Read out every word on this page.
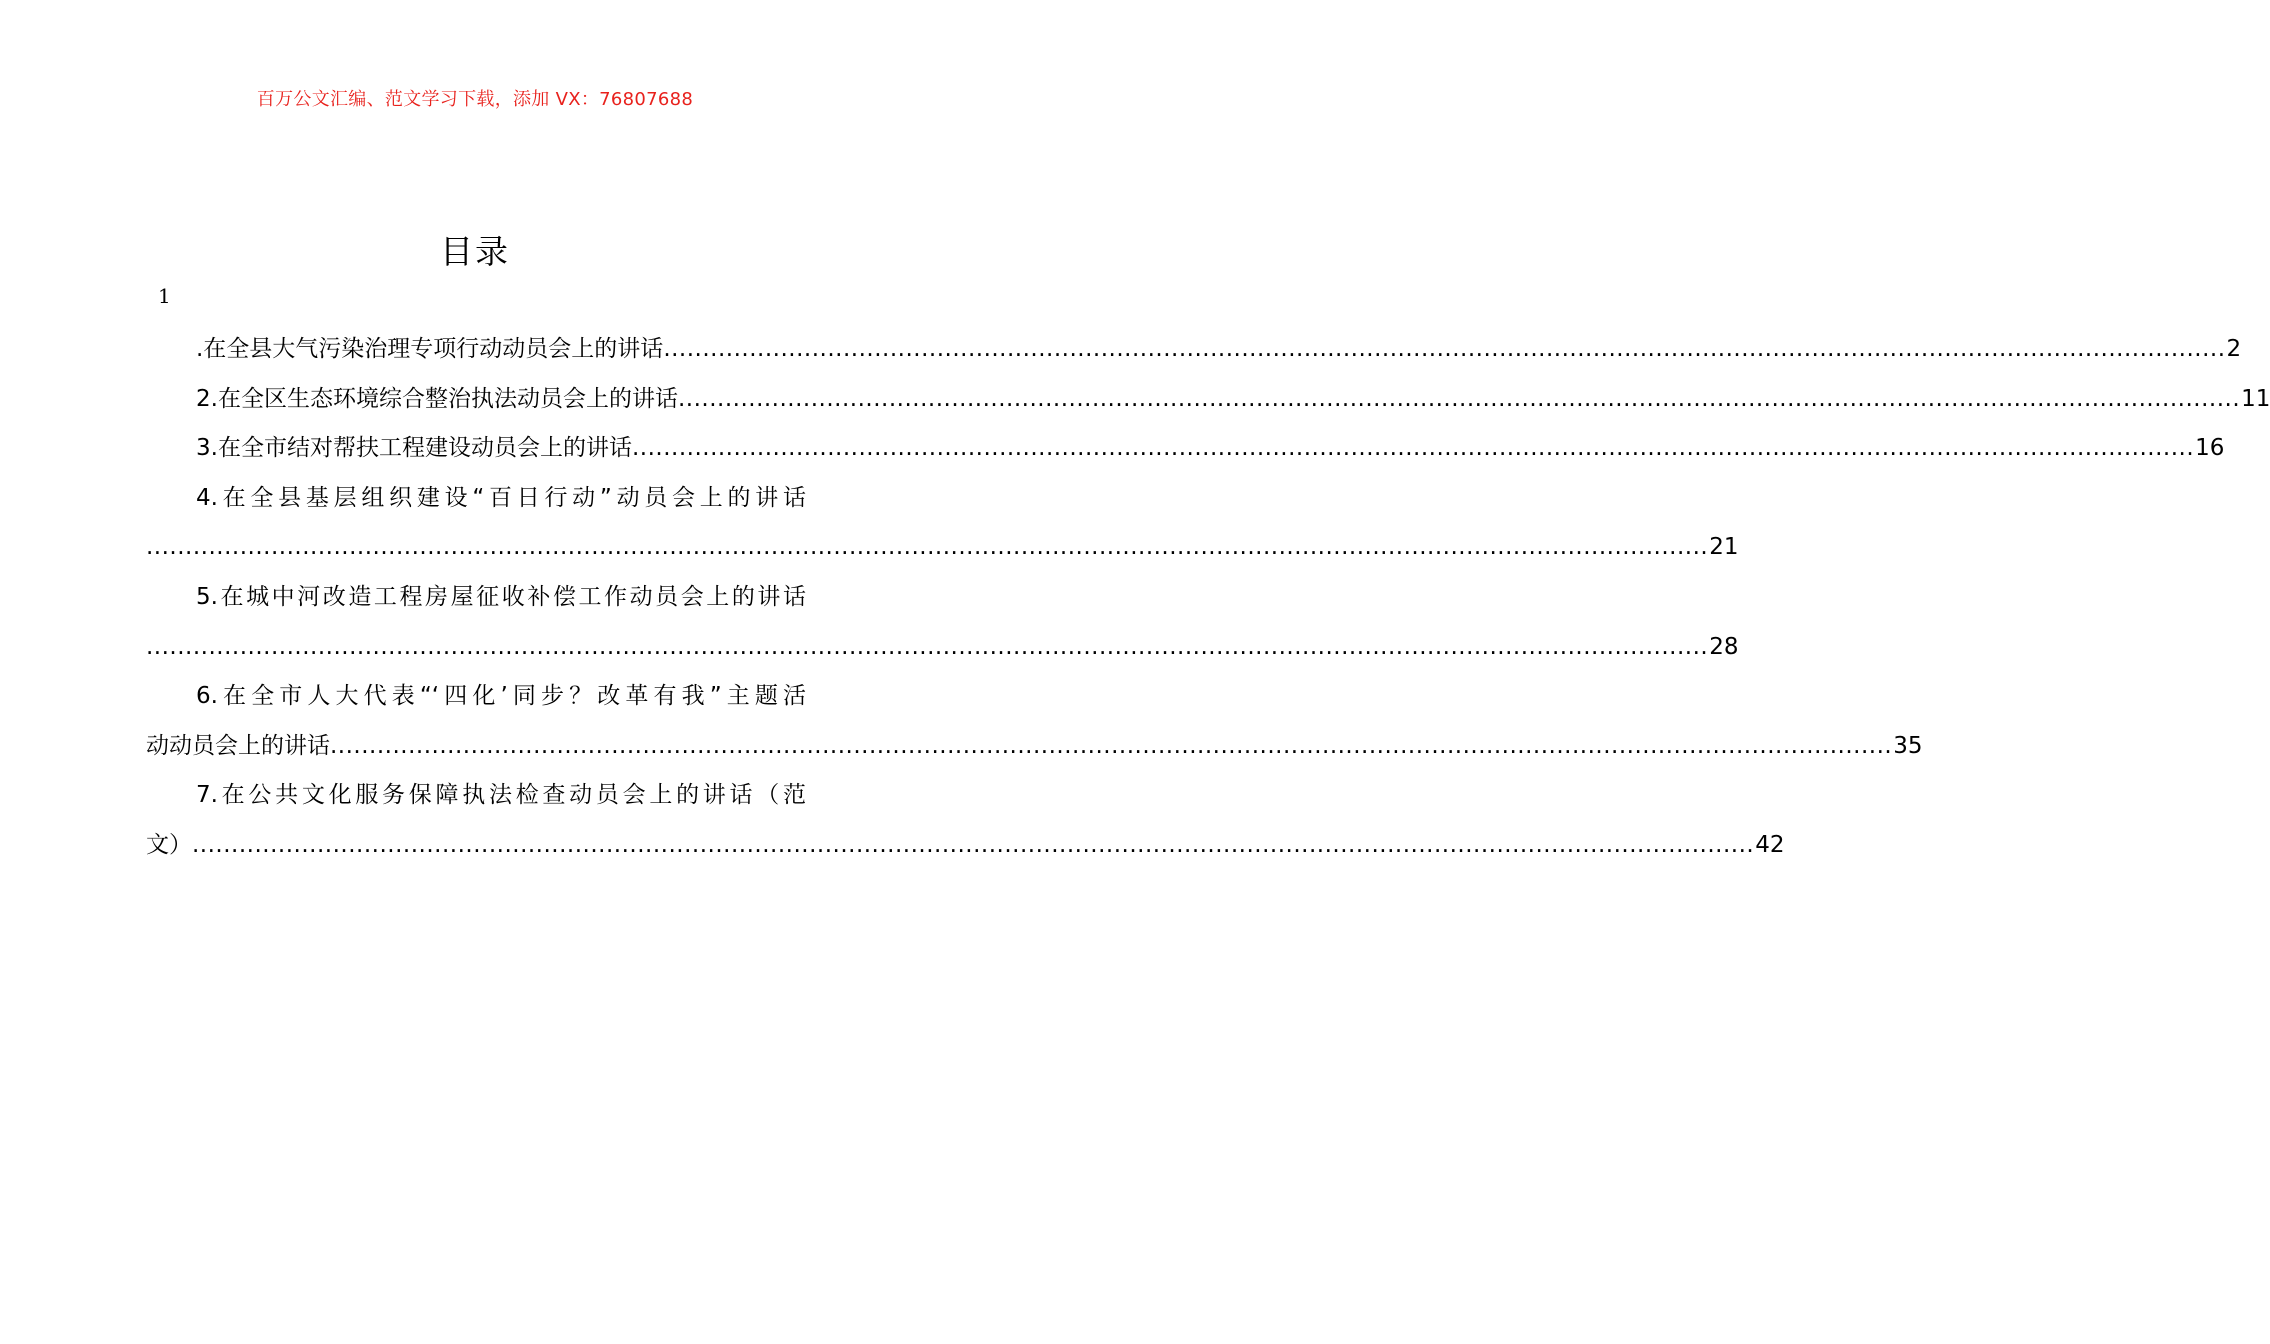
百万公文汇编、范文学习下载，添加 VX：76807688
目录
1
.在全县大气污染治理专项行动动员会上的讲话 ........................................................................................................................................................................................................ 2
2.在全区生态环境综合整治执法动员会上的讲话 ........................................................................................................................................................................................................ 11
3.在全市结对帮扶工程建设动员会上的讲话 ........................................................................................................................................................................................................ 16
4.在全县基层组织建设“百日行动”动员会上的讲话
........................................................................................................................................................................................................ 21
5.在城中河改造工程房屋征收补偿工作动员会上的讲话
........................................................................................................................................................................................................ 28
6.在全市人大代表“‘四化’同步？改革有我”主题活
动动员会上的讲话 ........................................................................................................................................................................................................ 35
7.在公共文化服务保障执法检查动员会上的讲话（范
文） ........................................................................................................................................................................................................ 42
